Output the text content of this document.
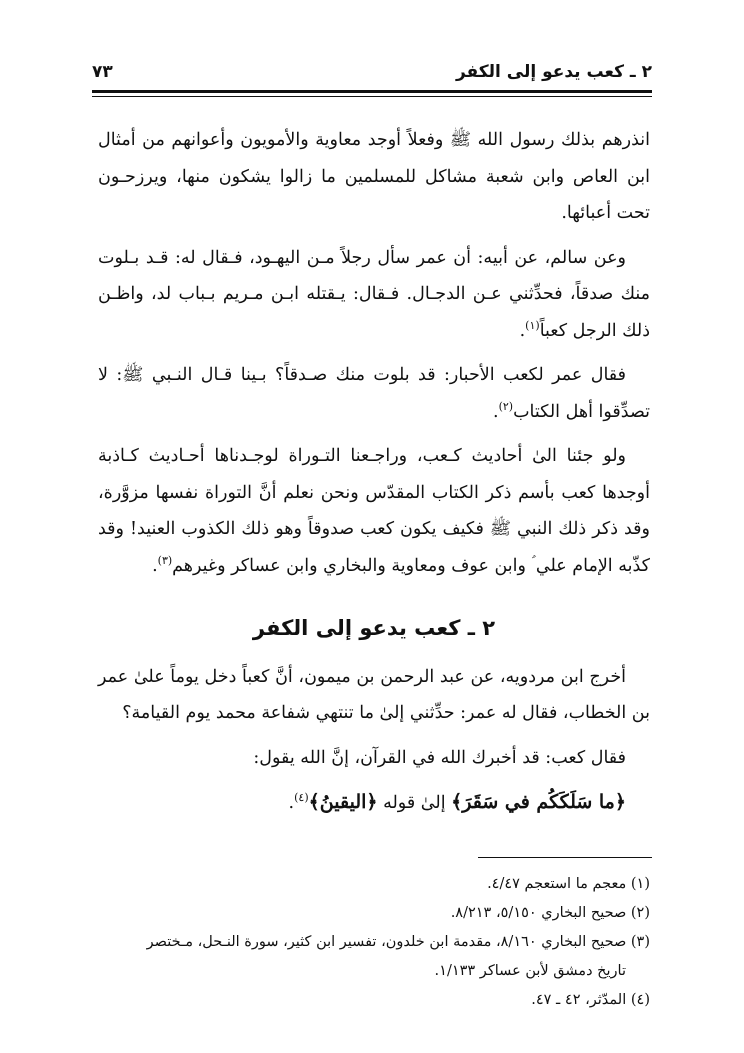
٢ ـ كعب يدعو إلى الكفر
٧٣

انذرهم بذلك رسول الله ﷺ وفعلاً أوجد معاوية والأمويون وأعوانهم من أمثال ابن العاص وابن شعبة مشاكل للمسلمين ما زالوا يشكون منها، ويرزحـون تحت أعبائها.

وعن سالم، عن أبيه: أن عمر سأل رجلاً مـن اليهـود، فـقال له: قـد بـلوت منك صدقاً، فحدِّثني عـن الدجـال. فـقال: يـقتله ابـن مـريم بـباب لد، واظـن ذلك الرجل كعباً$^{(١)}$.

فقال عمر لكعب الأحبار: قد بلوت منك صـدقاً؟ بـينا قـال النـبي ﷺ: لا تصدِّقوا أهل الكتاب$^{(٢)}$.

ولو جئنا الىٰ أحاديث كـعب، وراجـعنا التـوراة لوجـدناها أحـاديث كـاذبة أوجدها كعب بأسم ذكر الكتاب المقدّس ونحن نعلم أنَّ التوراة نفسها مزوَّرة، وقد ذكر ذلك النبي ﷺ فكيف يكون كعب صدوقاً وهو ذلك الكذوب العنيد! وقد كذّبه الإمام علي ؑ وابن عوف ومعاوية والبخاري وابن عساكر وغيرهم$^{(٣)}$.

٢ ـ كعب يدعو إلى الكفر

أخرج ابن مردويه، عن عبد الرحمن بن ميمون، أنَّ كعباً دخل يوماً علىٰ عمر بن الخطاب، فقال له عمر: حدِّثني إلىٰ ما تنتهي شفاعة محمد يوم القيامة؟

فقال كعب: قد أخبرك الله في القرآن، إنَّ الله يقول:

﴿ما سَلَكَكُم في سَقَرَ﴾ إلىٰ قوله ﴿اليقينُ﴾$^{(٤)}$.

(١) معجم ما استعجم ٤/٤٧.
(٢) صحيح البخاري ٥/١٥٠، ٨/٢١٣.
(٣) صحيح البخاري ٨/١٦٠، مقدمة ابن خلدون، تفسير ابن كثير، سورة النـحل، مـختصر
تاريخ دمشق لأبن عساكر ١/١٣٣.
(٤) المدّثر، ٤٢ ـ ٤٧.
